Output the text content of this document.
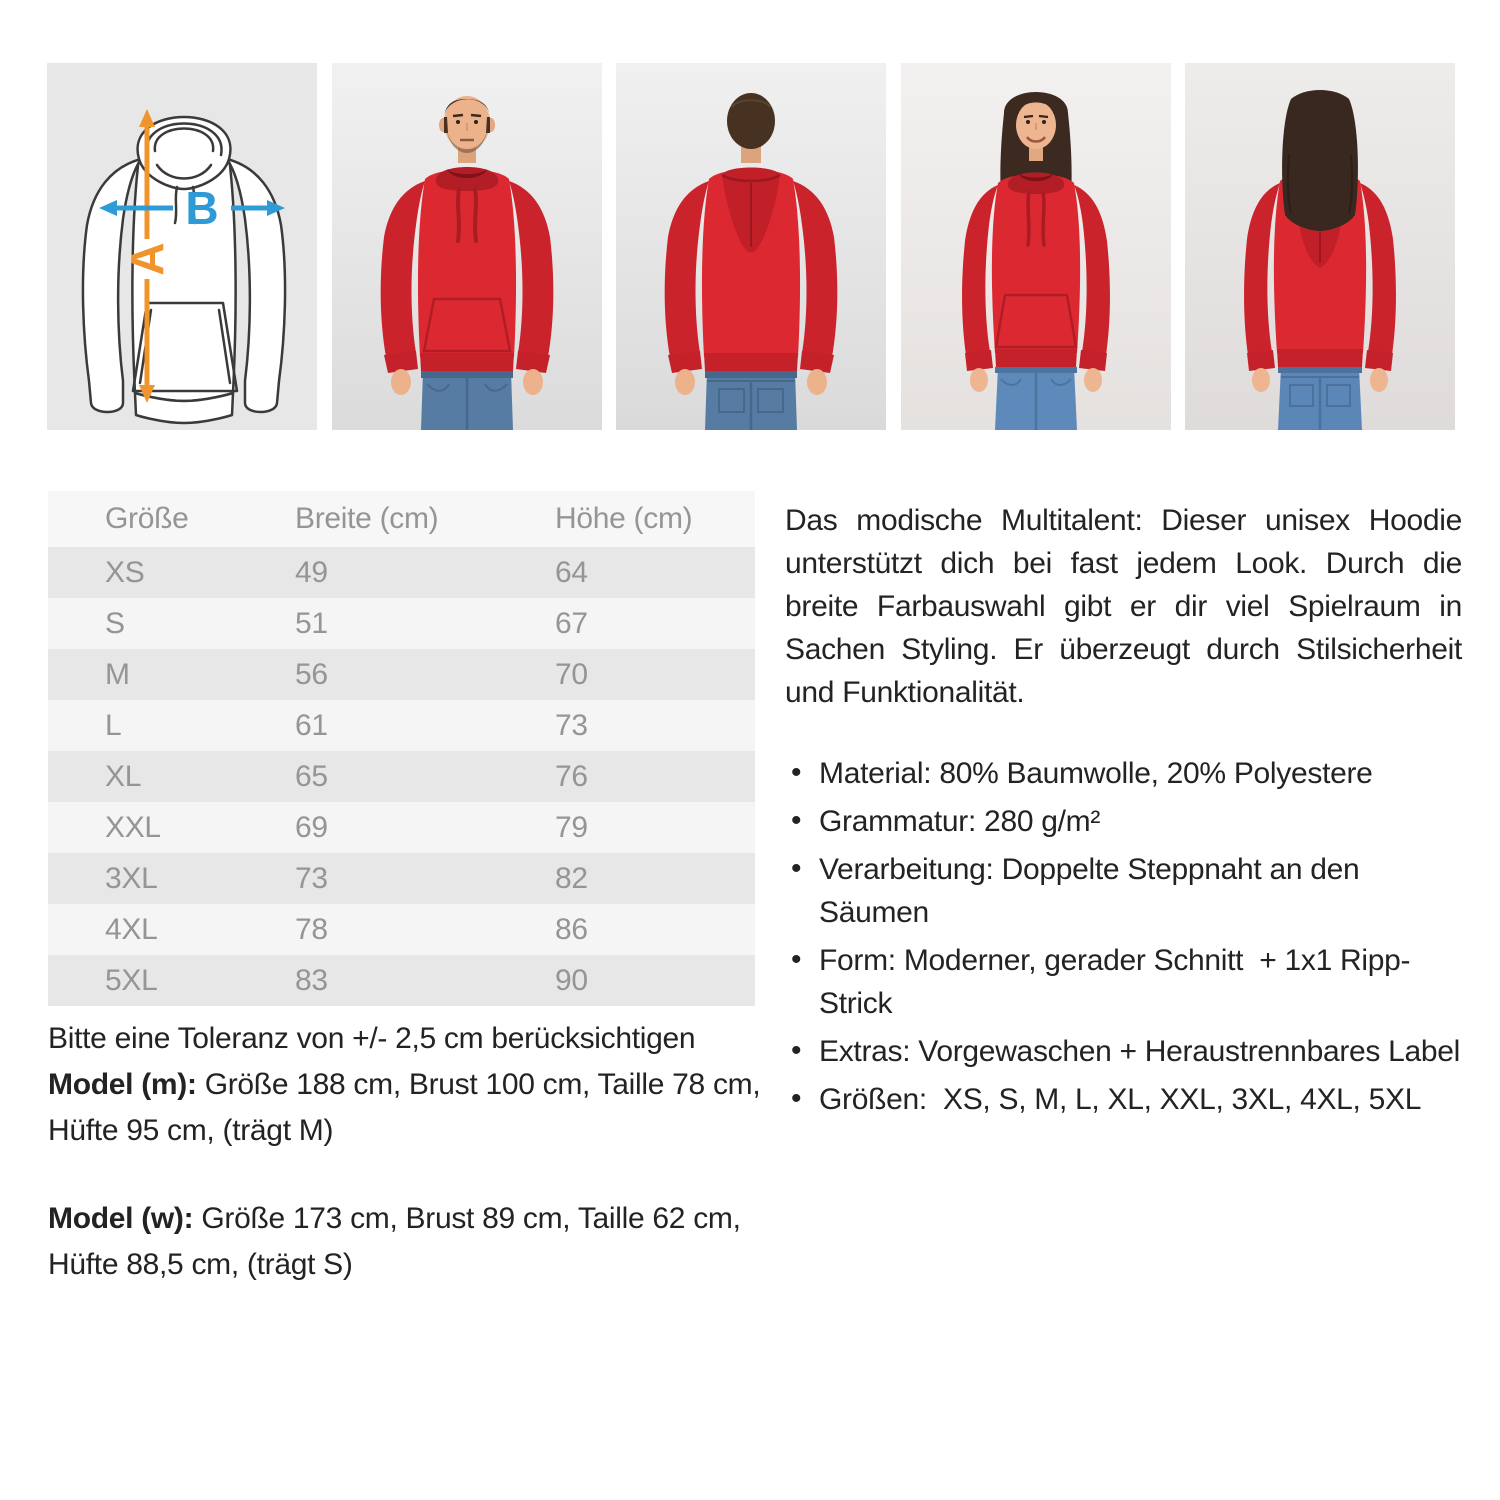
A
B
Größe	Breite (cm)	Höhe (cm)
XS	49	64
S	51	67
M	56	70
L	61	73
XL	65	76
XXL	69	79
3XL	73	82
4XL	78	86
5XL	83	90

Bitte eine Toleranz von +/- 2,5 cm berücksichtigen

Model (m): Größe 188 cm, Brust 100 cm, Taille 78 cm, Hüfte 95 cm, (trägt M)

Model (w): Größe 173 cm, Brust 89 cm, Taille 62 cm, Hüfte 88,5 cm, (trägt S)

Das modische Multitalent: Dieser unisex Hoodie unterstützt dich bei fast jedem Look. Durch die breite Farbauswahl gibt er dir viel Spielraum in Sachen Styling. Er überzeugt durch Stilsicherheit und Funktionalität.

• Material: 80% Baumwolle, 20% Polyestere
• Grammatur: 280 g/m²
• Verarbeitung: Doppelte Steppnaht an den Säumen
• Form: Moderner, gerader Schnitt  + 1x1 Ripp-Strick
• Extras: Vorgewaschen + Heraustrennbares Label
• Größen:  XS, S, M, L, XL, XXL, 3XL, 4XL, 5XL
